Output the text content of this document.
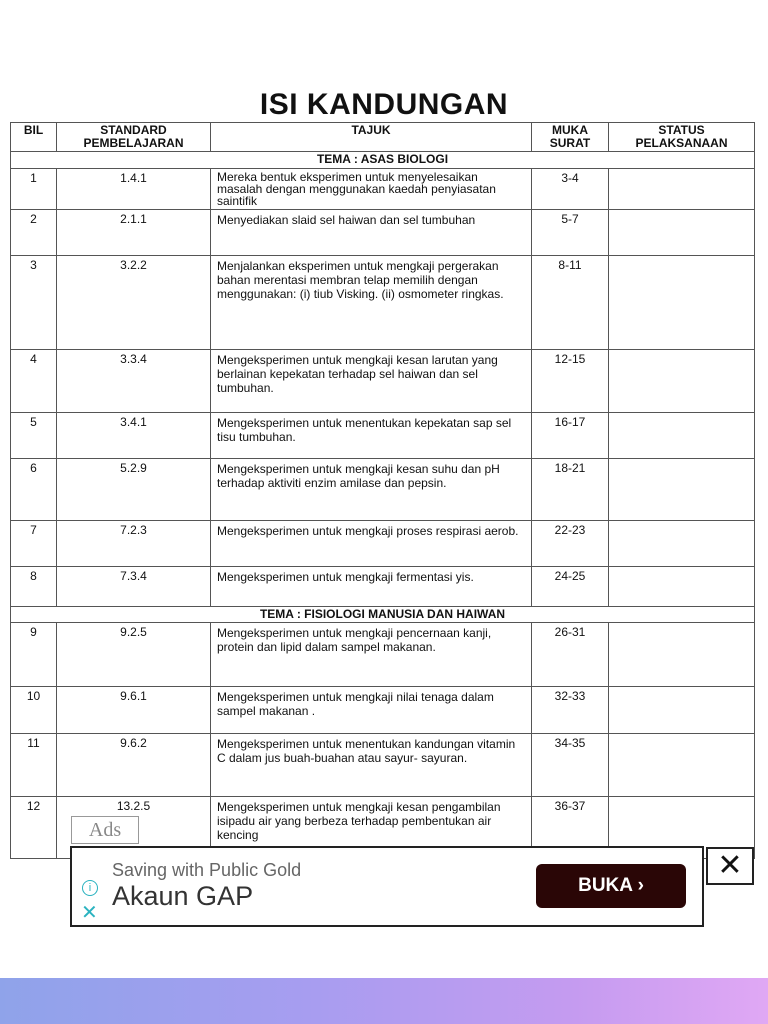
ISI KANDUNGAN
BIL	STANDARD PEMBELAJARAN	TAJUK	MUKA SURAT	STATUS PELAKSANAAN
TEMA : ASAS BIOLOGI				
1	1.4.1	Mereka bentuk eksperimen untuk menyelesaikan masalah dengan menggunakan kaedah penyiasatan saintifik	3-4	
2	2.1.1	Menyediakan slaid sel haiwan dan sel tumbuhan	5-7	
3	3.2.2	Menjalankan eksperimen untuk mengkaji pergerakan bahan merentasi membran telap memilih dengan menggunakan: (i) tiub Visking. (ii) osmometer ringkas.	8-11	
4	3.3.4	Mengeksperimen untuk mengkaji kesan larutan yang berlainan kepekatan terhadap sel haiwan dan sel tumbuhan.	12-15	
5	3.4.1	Mengeksperimen untuk menentukan kepekatan sap sel tisu tumbuhan.	16-17	
6	5.2.9	Mengeksperimen untuk mengkaji kesan suhu dan pH terhadap aktiviti enzim amilase dan pepsin.	18-21	
7	7.2.3	Mengeksperimen untuk mengkaji proses respirasi aerob.	22-23	
8	7.3.4	Mengeksperimen untuk mengkaji fermentasi yis.	24-25	
TEMA : FISIOLOGI MANUSIA DAN HAIWAN				
9	9.2.5	Mengeksperimen untuk mengkaji pencernaan kanji, protein dan lipid dalam sampel makanan.	26-31	
10	9.6.1	Mengeksperimen untuk mengkaji nilai tenaga dalam sampel makanan .	32-33	
11	9.6.2	Mengeksperimen untuk menentukan kandungan vitamin C dalam jus buah-buahan atau sayur- sayuran.	34-35	
12	13.2.5	Mengeksperimen untuk mengkaji kesan pengambilan isipadu air yang berbeza terhadap pembentukan air kencing	36-37	
Ads
i
✕
Saving with Public Gold
Akaun GAP	BUKA ›
✕
